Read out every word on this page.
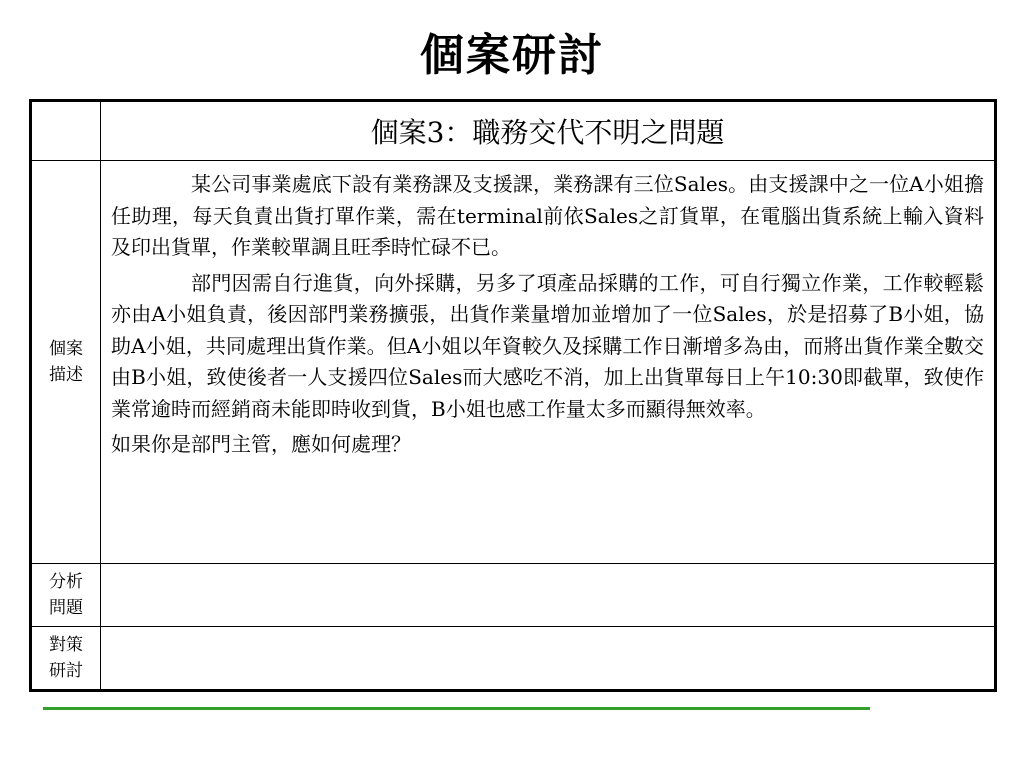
個案研討
	個案3：職務交代不明之問題
個案描述	某公司事業處底下設有業務課及支援課，業務課有三位Sales。由支援課中之一位A小姐擔任助理，每天負責出貨打單作業，需在terminal前依Sales之訂貨單，在電腦出貨系統上輸入資料及印出貨單，作業較單調且旺季時忙碌不已。

部門因需自行進貨，向外採購，另多了項產品採購的工作，可自行獨立作業，工作較輕鬆亦由A小姐負責，後因部門業務擴張，出貨作業量增加並增加了一位Sales，於是招募了B小姐，協助A小姐，共同處理出貨作業。但A小姐以年資較久及採購工作日漸增多為由，而將出貨作業全數交由B小姐，致使後者一人支援四位Sales而大感吃不消，加上出貨單每日上午10:30即截單，致使作業常逾時而經銷商未能即時收到貨，B小姐也感工作量太多而顯得無效率。

如果你是部門主管，應如何處理？

分析問題	
對策研討	
